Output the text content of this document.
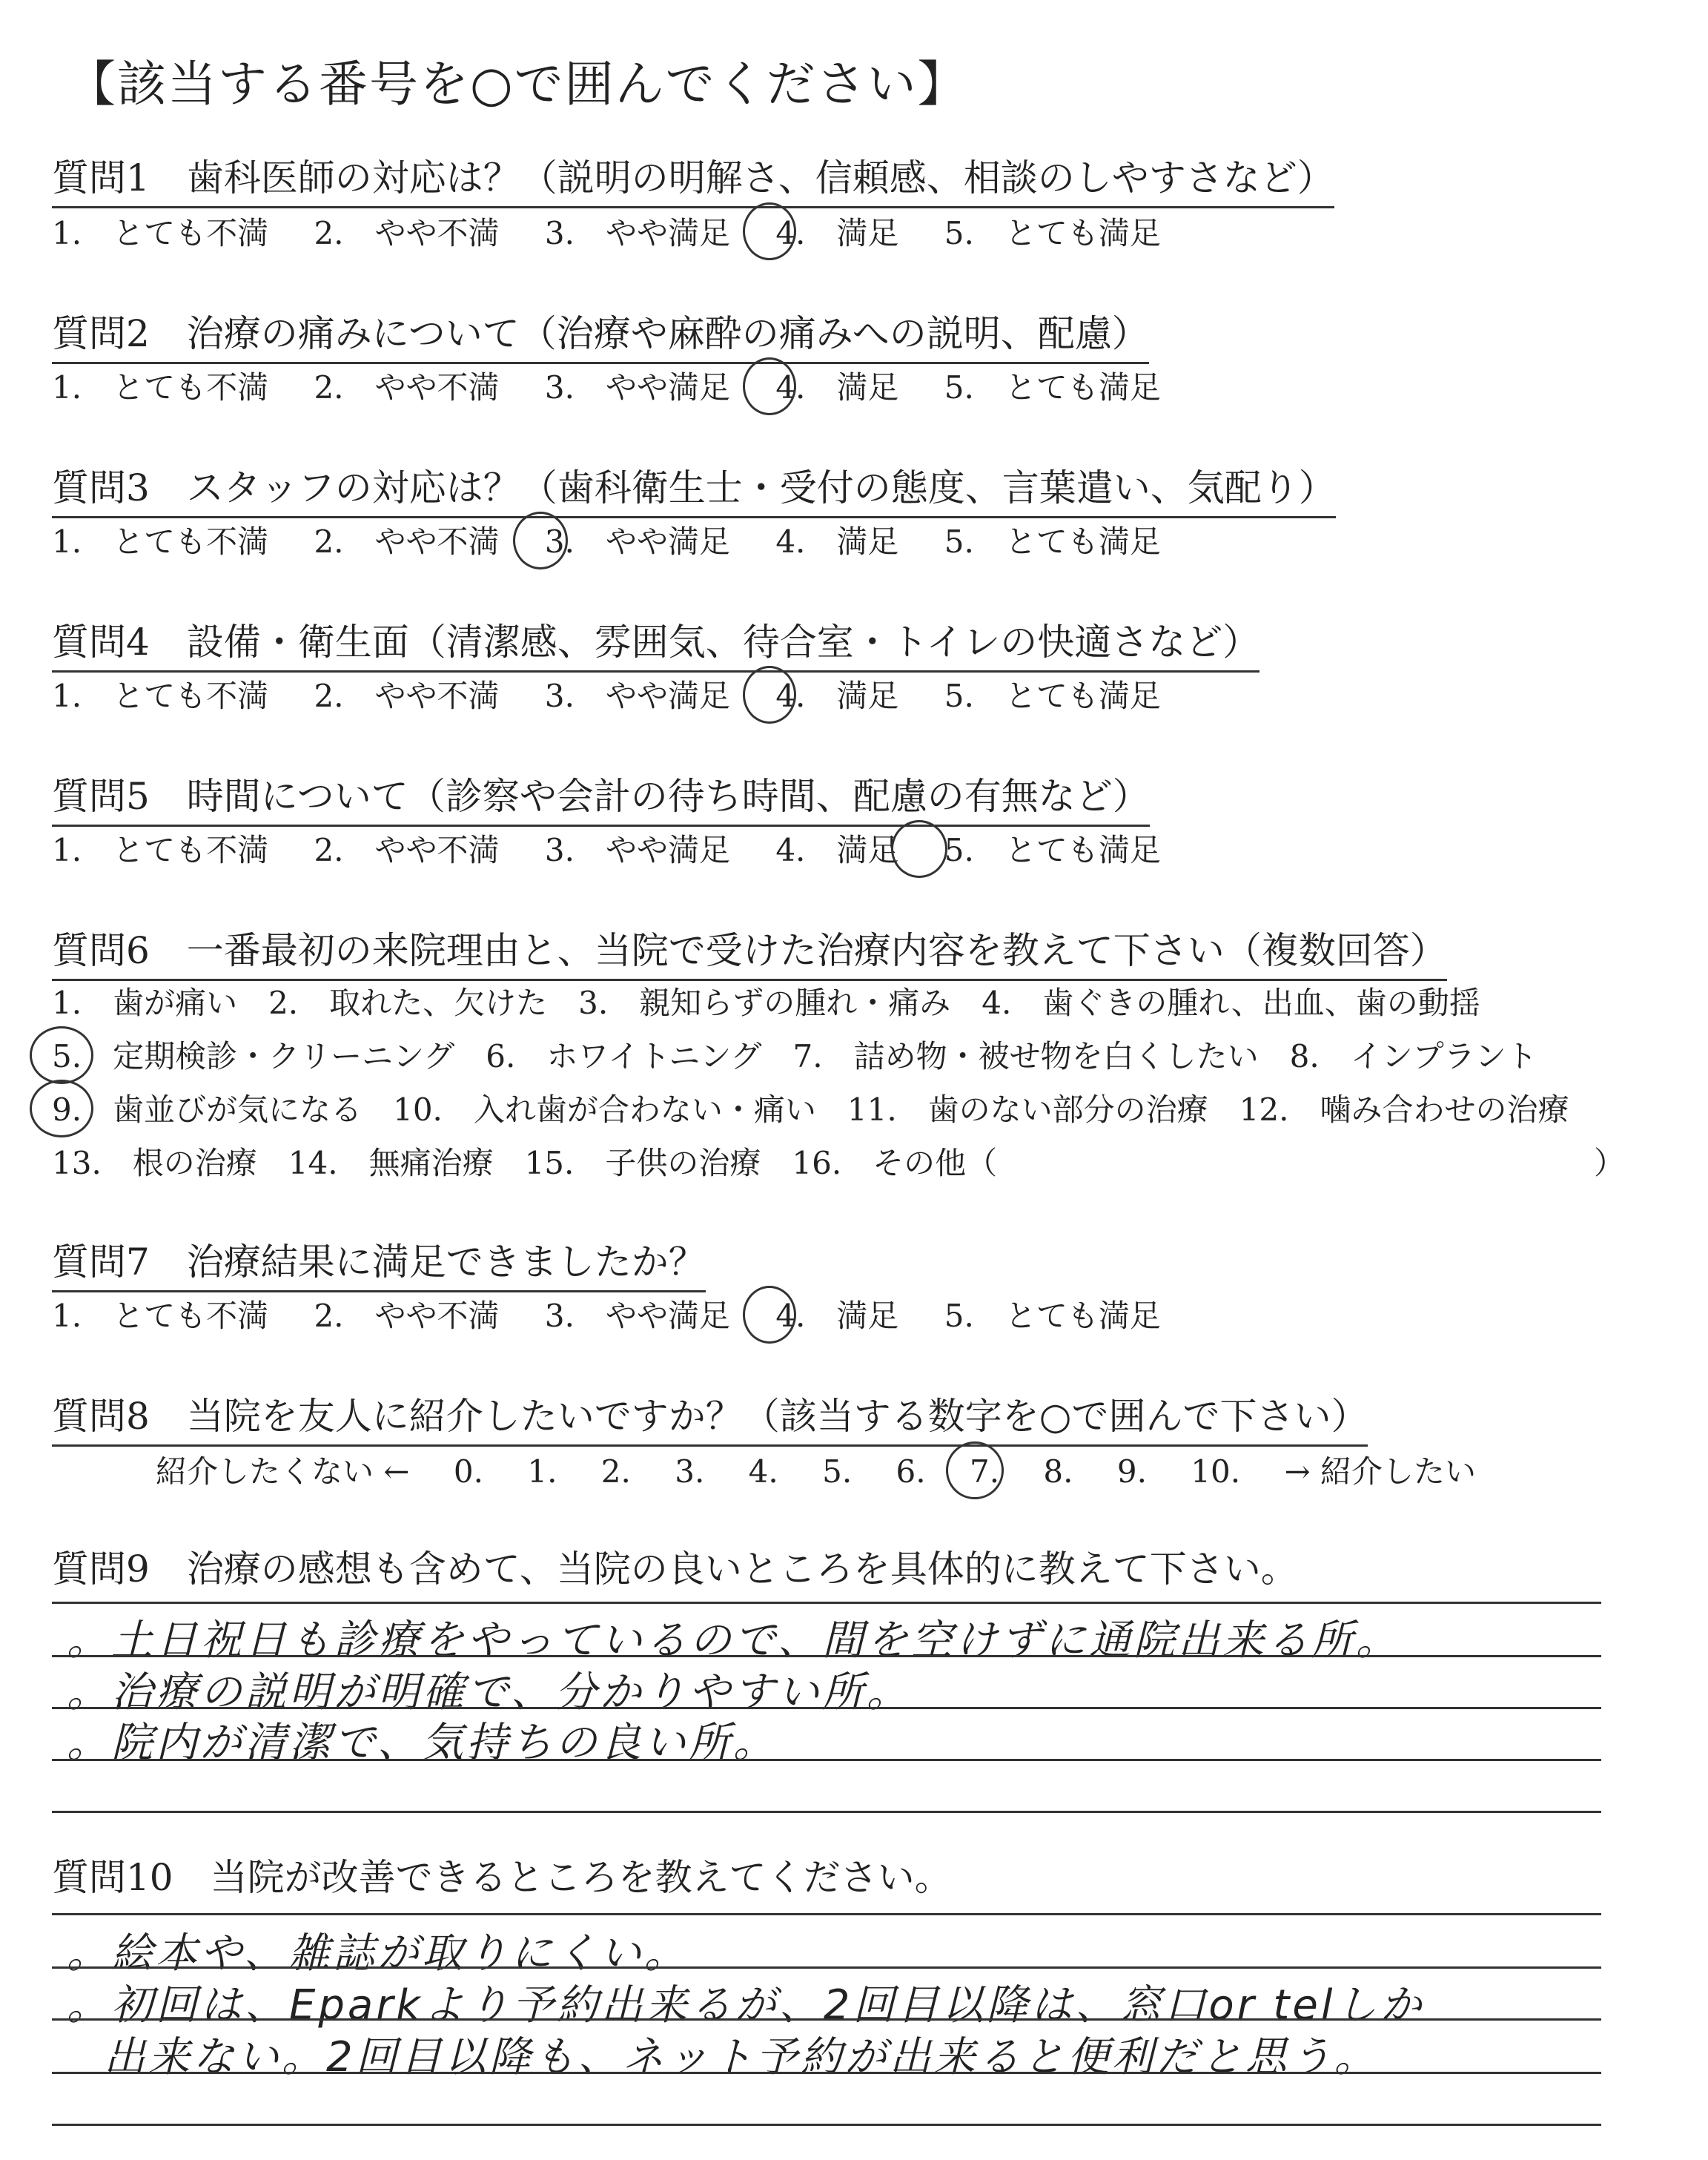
【該当する番号を○で囲んでください】
質問1　歯科医師の対応は？（説明の明解さ、信頼感、相談のしやすさなど）
1.　とても不満 2.　やや不満 3.　やや満足 4.　満足 5.　とても満足
質問2　治療の痛みについて（治療や麻酔の痛みへの説明、配慮）
1.　とても不満 2.　やや不満 3.　やや満足 4.　満足 5.　とても満足
質問3　スタッフの対応は？（歯科衛生士・受付の態度、言葉遣い、気配り）
1.　とても不満 2.　やや不満 3.　やや満足 4.　満足 5.　とても満足
質問4　設備・衛生面（清潔感、雰囲気、待合室・トイレの快適さなど）
1.　とても不満 2.　やや不満 3.　やや満足 4.　満足 5.　とても満足
質問5　時間について（診察や会計の待ち時間、配慮の有無など）
1.　とても不満 2.　やや不満 3.　やや満足 4.　満足 5.　とても満足
質問6　一番最初の来院理由と、当院で受けた治療内容を教えて下さい（複数回答）
1.　歯が痛い　2.　取れた、欠けた　3.　親知らずの腫れ・痛み　4.　歯ぐきの腫れ、出血、歯の動揺
5.　 定期検診・クリーニング　6.　ホワイトニング　7.　詰め物・被せ物を白くしたい　8.　インプラント
9.　 歯並びが気になる　10.　入れ歯が合わない・痛い　11.　歯のない部分の治療　12.　噛み合わせの治療
13.　根の治療　14.　無痛治療　15.　子供の治療　16.　その他（	）
質問7　治療結果に満足できましたか？
1.　とても不満 2.　やや不満 3.　やや満足 4.　満足 5.　とても満足
質問8　当院を友人に紹介したいですか？（該当する数字を○で囲んで下さい）
紹介したくない ← 0. 1. 2. 3. 4. 5. 6. 7. 8. 9. 10. → 紹介したい
質問9　治療の感想も含めて、当院の良いところを具体的に教えて下さい。
。土日祝日も診療をやっているので、間を空けずに通院出来る所。
。治療の説明が明確で、分かりやすい所。
。院内が清潔で、気持ちの良い所。
質問10　当院が改善できるところを教えてください。
。絵本や、雑誌が取りにくい。
。初回は、Eparkより予約出来るが、2回目以降は、窓口or telしか
出来ない。2回目以降も、ネット予約が出来ると便利だと思う。
